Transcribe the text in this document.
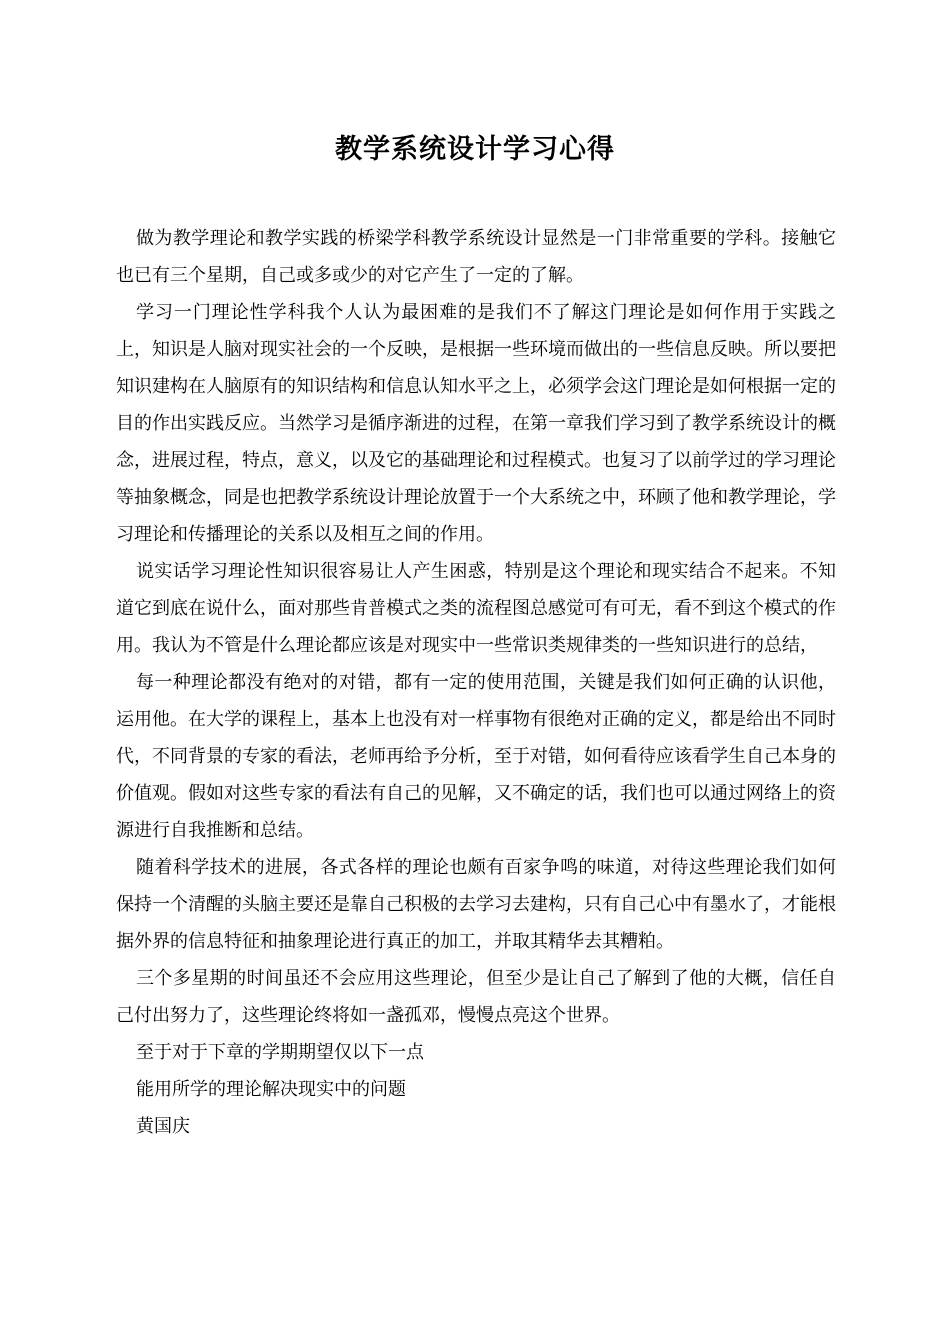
教学系统设计学习心得

做为教学理论和教学实践的桥梁学科教学系统设计显然是一门非常重要的学科。接触它也已有三个星期，自己或多或少的对它产生了一定的了解。

学习一门理论性学科我个人认为最困难的是我们不了解这门理论是如何作用于实践之上，知识是人脑对现实社会的一个反映，是根据一些环境而做出的一些信息反映。所以要把知识建构在人脑原有的知识结构和信息认知水平之上，必须学会这门理论是如何根据一定的目的作出实践反应。当然学习是循序渐进的过程，在第一章我们学习到了教学系统设计的概念，进展过程，特点，意义，以及它的基础理论和过程模式。也复习了以前学过的学习理论等抽象概念，同是也把教学系统设计理论放置于一个大系统之中，环顾了他和教学理论，学习理论和传播理论的关系以及相互之间的作用。

说实话学习理论性知识很容易让人产生困惑，特别是这个理论和现实结合不起来。不知道它到底在说什么，面对那些肯普模式之类的流程图总感觉可有可无，看不到这个模式的作用。我认为不管是什么理论都应该是对现实中一些常识类规律类的一些知识进行的总结，

每一种理论都没有绝对的对错，都有一定的使用范围，关键是我们如何正确的认识他，运用他。在大学的课程上，基本上也没有对一样事物有很绝对正确的定义，都是给出不同时代，不同背景的专家的看法，老师再给予分析，至于对错，如何看待应该看学生自己本身的价值观。假如对这些专家的看法有自己的见解，又不确定的话，我们也可以通过网络上的资源进行自我推断和总结。

随着科学技术的进展，各式各样的理论也颇有百家争鸣的味道，对待这些理论我们如何保持一个清醒的头脑主要还是靠自己积极的去学习去建构，只有自己心中有墨水了，才能根据外界的信息特征和抽象理论进行真正的加工，并取其精华去其糟粕。

三个多星期的时间虽还不会应用这些理论，但至少是让自己了解到了他的大概，信任自己付出努力了，这些理论终将如一盏孤邓，慢慢点亮这个世界。

至于对于下章的学期期望仅以下一点

能用所学的理论解决现实中的问题

黄国庆
